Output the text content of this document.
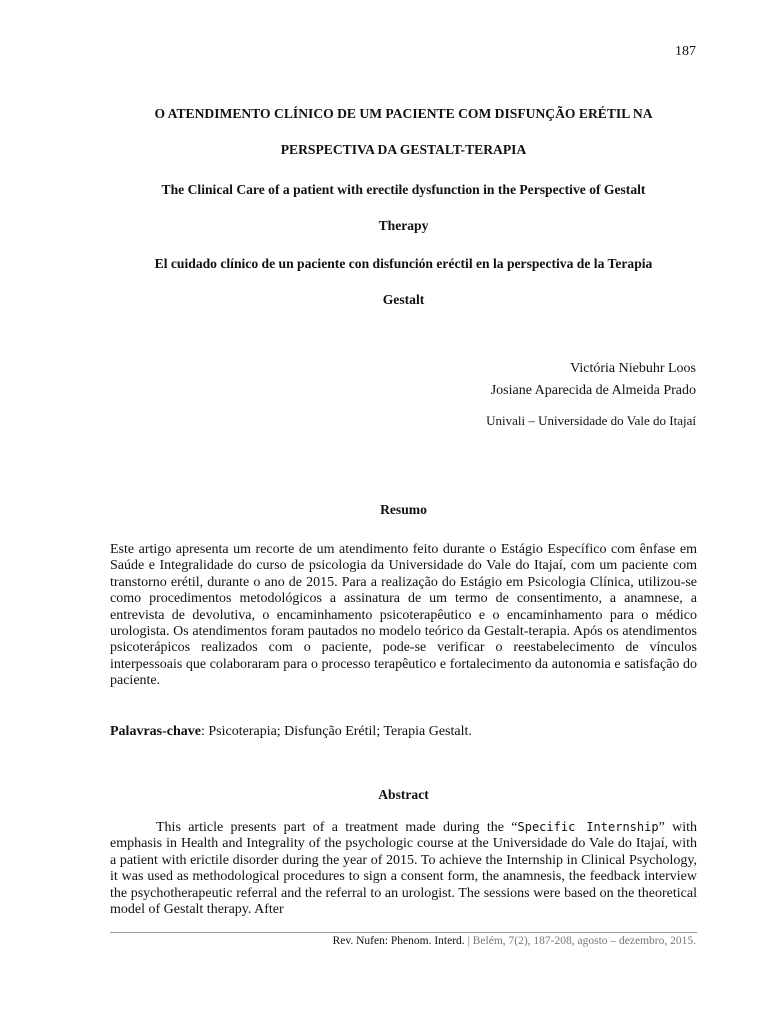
187
O ATENDIMENTO CLÍNICO DE UM PACIENTE COM DISFUNÇÃO ERÉTIL NA
PERSPECTIVA DA GESTALT-TERAPIA
The Clinical Care of a patient with erectile dysfunction in the Perspective of Gestalt
Therapy
El cuidado clínico de un paciente con disfunción eréctil en la perspectiva de la Terapia
Gestalt
Victória Niebuhr Loos
Josiane Aparecida de Almeida Prado
Univali – Universidade do Vale do Itajaí
Resumo
Este artigo apresenta um recorte de um atendimento feito durante o Estágio Específico com ênfase em Saúde e Integralidade do curso de psicologia da Universidade do Vale do Itajaí, com um paciente com transtorno erétil, durante o ano de 2015. Para a realização do Estágio em Psicologia Clínica, utilizou-se como procedimentos metodológicos a assinatura de um termo de consentimento, a anamnese, a entrevista de devolutiva, o encaminhamento psicoterapêutico e o encaminhamento para o médico urologista. Os atendimentos foram pautados no modelo teórico da Gestalt-terapia. Após os atendimentos psicoterápicos realizados com o paciente, pode-se verificar o reestabelecimento de vínculos interpessoais que colaboraram para o processo terapêutico e fortalecimento da autonomia e satisfação do paciente.
Palavras-chave: Psicoterapia; Disfunção Erétil; Terapia Gestalt.
Abstract
This article presents part of a treatment made during the “Specific Internship” with emphasis in Health and Integrality of the psychologic course at the Universidade do Vale do Itajaí, with a patient with erictile disorder during the year of 2015. To achieve the Internship in Clinical Psychology, it was used as methodological procedures to sign a consent form, the anamnesis, the feedback interview the psychotherapeutic referral and the referral to an urologist. The sessions were based on the theoretical model of Gestalt therapy. After
Rev. Nufen: Phenom. Interd. | Belém, 7(2), 187-208, agosto – dezembro, 2015.
